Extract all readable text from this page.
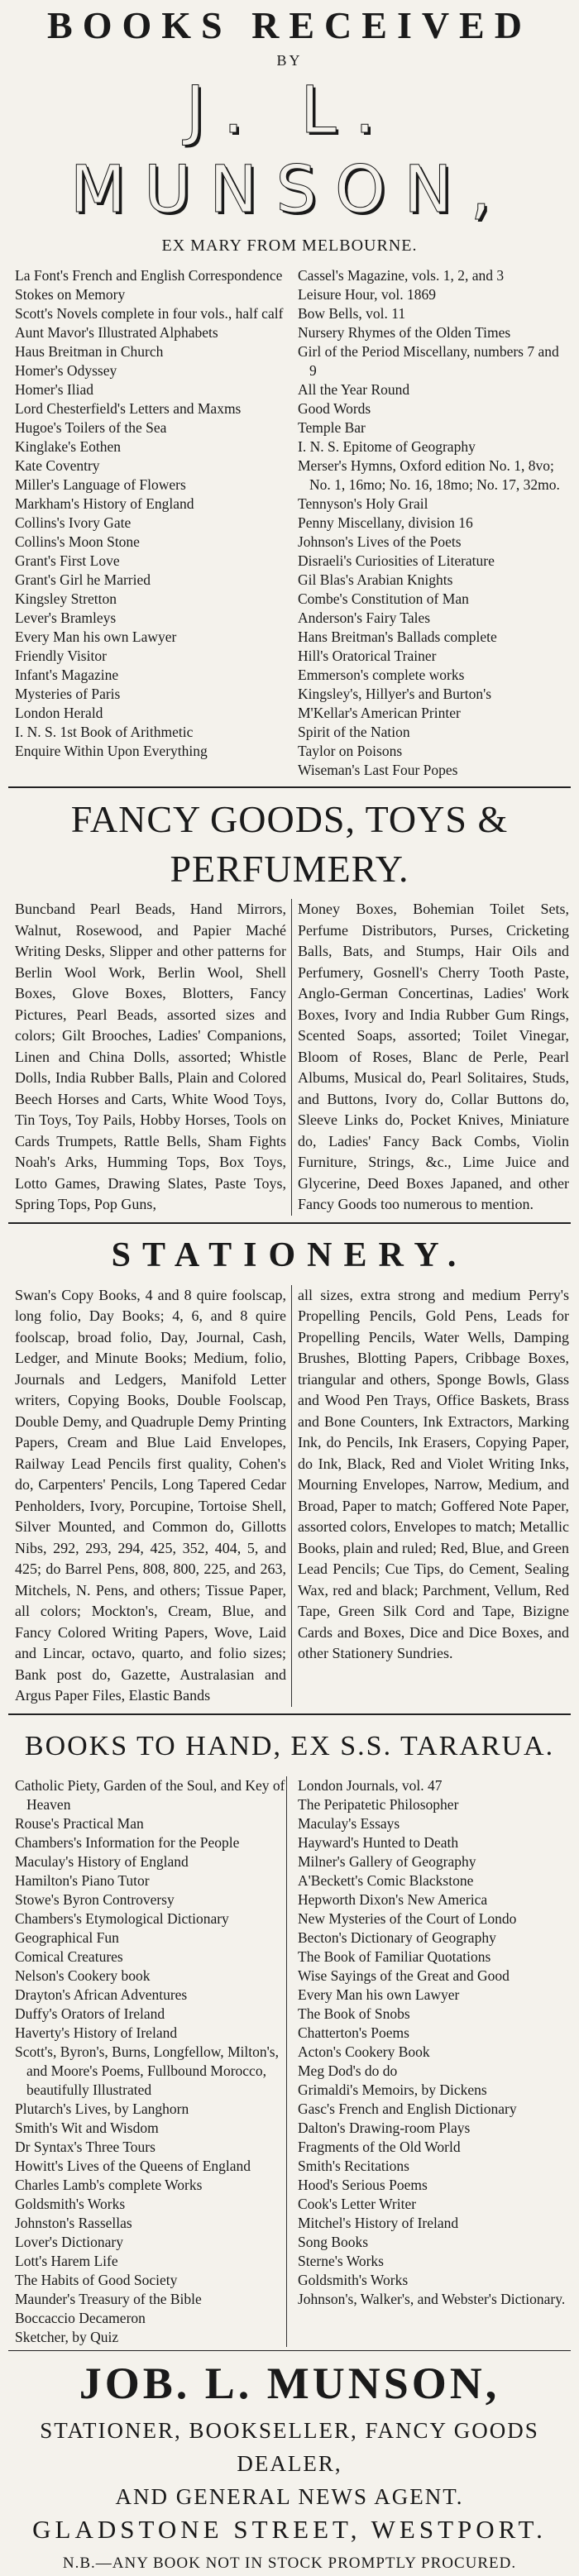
BOOKS RECEIVED

BY

J. L. MUNSON,

EX MARY FROM MELBOURNE.

La Font's French and English Correspondence
Stokes on Memory
Scott's Novels complete in four vols., half calf
Aunt Mavor's Illustrated Alphabets
Haus Breitman in Church
Homer's Odyssey
Homer's Iliad
Lord Chesterfield's Letters and Maxms
Hugoe's Toilers of the Sea
Kinglake's Eothen
Kate Coventry
Miller's Language of Flowers
Markham's History of England
Collins's Ivory Gate
Collins's Moon Stone
Grant's First Love
Grant's Girl he Married
Kingsley Stretton
Lever's Bramleys
Every Man his own Lawyer
Friendly Visitor
Infant's Magazine
Mysteries of Paris
London Herald
I. N. S. 1st Book of Arithmetic
Enquire Within Upon Everything
Cassel's Magazine, vols. 1, 2, and 3
Leisure Hour, vol. 1869
Bow Bells, vol. 11
Nursery Rhymes of the Olden Times
Girl of the Period Miscellany, numbers 7 and 9
All the Year Round
Good Words
Temple Bar
I. N. S. Epitome of Geography
Merser's Hymns, Oxford edition No. 1, 8vo; No. 1, 16mo; No. 16, 18mo; No. 17, 32mo.
Tennyson's Holy Grail
Penny Miscellany, division 16
Johnson's Lives of the Poets
Disraeli's Curiosities of Literature
Gil Blas's Arabian Knights
Combe's Constitution of Man
Anderson's Fairy Tales
Hans Breitman's Ballads complete
Hill's Oratorical Trainer
Emmerson's complete works
Kingsley's, Hillyer's and Burton's
M'Kellar's American Printer
Spirit of the Nation
Taylor on Poisons
Wiseman's Last Four Popes
FANCY GOODS, TOYS & PERFUMERY.

Buncband Pearl Beads, Hand Mirrors, Walnut, Rosewood, and Papier Maché Writing Desks, Slipper and other patterns for Berlin Wool Work, Berlin Wool, Shell Boxes, Glove Boxes, Blotters, Fancy Pictures, Pearl Beads, assorted sizes and colors; Gilt Brooches, Ladies' Companions, Linen and China Dolls, assorted; Whistle Dolls, India Rubber Balls, Plain and Colored Beech Horses and Carts, White Wood Toys, Tin Toys, Toy Pails, Hobby Horses, Tools on Cards Trumpets, Rattle Bells, Sham Fights Noah's Arks, Humming Tops, Box Toys, Lotto Games, Drawing Slates, Paste Toys, Spring Tops, Pop Guns,

Money Boxes, Bohemian Toilet Sets, Perfume Distributors, Purses, Cricketing Balls, Bats, and Stumps, Hair Oils and Perfumery, Gosnell's Cherry Tooth Paste, Anglo-German Concertinas, Ladies' Work Boxes, Ivory and India Rubber Gum Rings, Scented Soaps, assorted; Toilet Vinegar, Bloom of Roses, Blanc de Perle, Pearl Albums, Musical do, Pearl Solitaires, Studs, and Buttons, Ivory do, Collar Buttons do, Sleeve Links do, Pocket Knives, Miniature do, Ladies' Fancy Back Combs, Violin Furniture, Strings, &c., Lime Juice and Glycerine, Deed Boxes Japaned, and other Fancy Goods too numerous to mention.

STATIONERY.

Swan's Copy Books, 4 and 8 quire foolscap, long folio, Day Books; 4, 6, and 8 quire foolscap, broad folio, Day, Journal, Cash, Ledger, and Minute Books; Medium, folio, Journals and Ledgers, Manifold Letter writers, Copying Books, Double Foolscap, Double Demy, and Quadruple Demy Printing Papers, Cream and Blue Laid Envelopes, Railway Lead Pencils first quality, Cohen's do, Carpenters' Pencils, Long Tapered Cedar Penholders, Ivory, Porcupine, Tortoise Shell, Silver Mounted, and Common do, Gillotts Nibs, 292, 293, 294, 425, 352, 404, 5, and 425; do Barrel Pens, 808, 800, 225, and 263, Mitchels, N. Pens, and others; Tissue Paper, all colors; Mockton's, Cream, Blue, and Fancy Colored Writing Papers, Wove, Laid and Lincar, octavo, quarto, and folio sizes; Bank post do, Gazette, Australasian and Argus Paper Files, Elastic Bands

all sizes, extra strong and medium Perry's Propelling Pencils, Gold Pens, Leads for Propelling Pencils, Water Wells, Damping Brushes, Blotting Papers, Cribbage Boxes, triangular and others, Sponge Bowls, Glass and Wood Pen Trays, Office Baskets, Brass and Bone Counters, Ink Extractors, Marking Ink, do Pencils, Ink Erasers, Copying Paper, do Ink, Black, Red and Violet Writing Inks, Mourning Envelopes, Narrow, Medium, and Broad, Paper to match; Goffered Note Paper, assorted colors, Envelopes to match; Metallic Books, plain and ruled; Red, Blue, and Green Lead Pencils; Cue Tips, do Cement, Sealing Wax, red and black; Parchment, Vellum, Red Tape, Green Silk Cord and Tape, Bizigne Cards and Boxes, Dice and Dice Boxes, and other Stationery Sundries.

BOOKS TO HAND, EX S.S. TARARUA.
Catholic Piety, Garden of the Soul, and Key of Heaven
Rouse's Practical Man
Chambers's Information for the People
Maculay's History of England
Hamilton's Piano Tutor
Stowe's Byron Controversy
Chambers's Etymological Dictionary
Geographical Fun
Comical Creatures
Nelson's Cookery book
Drayton's African Adventures
Duffy's Orators of Ireland
Haverty's History of Ireland
Scott's, Byron's, Burns, Longfellow, Milton's, and Moore's Poems, Fullbound Morocco, beautifully Illustrated
Plutarch's Lives, by Langhorn
Smith's Wit and Wisdom
Dr Syntax's Three Tours
Howitt's Lives of the Queens of England
Charles Lamb's complete Works
Goldsmith's Works
Johnston's Rassellas
Lover's Dictionary
Lott's Harem Life
The Habits of Good Society
Maunder's Treasury of the Bible
Boccaccio Decameron
Sketcher, by Quiz
London Journals, vol. 47
The Peripatetic Philosopher
Maculay's Essays
Hayward's Hunted to Death
Milner's Gallery of Geography
A'Beckett's Comic Blackstone
Hepworth Dixon's New America
New Mysteries of the Court of Londo
Becton's Dictionary of Geography
The Book of Familiar Quotations
Wise Sayings of the Great and Good
Every Man his own Lawyer
The Book of Snobs
Chatterton's Poems
Acton's Cookery Book
Meg Dod's do do
Grimaldi's Memoirs, by Dickens
Gasc's French and English Dictionary
Dalton's Drawing-room Plays
Fragments of the Old World
Smith's Recitations
Hood's Serious Poems
Cook's Letter Writer
Mitchel's History of Ireland
Song Books
Sterne's Works
Goldsmith's Works
Johnson's, Walker's, and Webster's Dictionary.
JOB. L. MUNSON,

STATIONER, BOOKSELLER, FANCY GOODS DEALER,

AND GENERAL NEWS AGENT.

GLADSTONE STREET, WESTPORT.

N.B.—ANY BOOK NOT IN STOCK PROMPTLY PROCURED.
